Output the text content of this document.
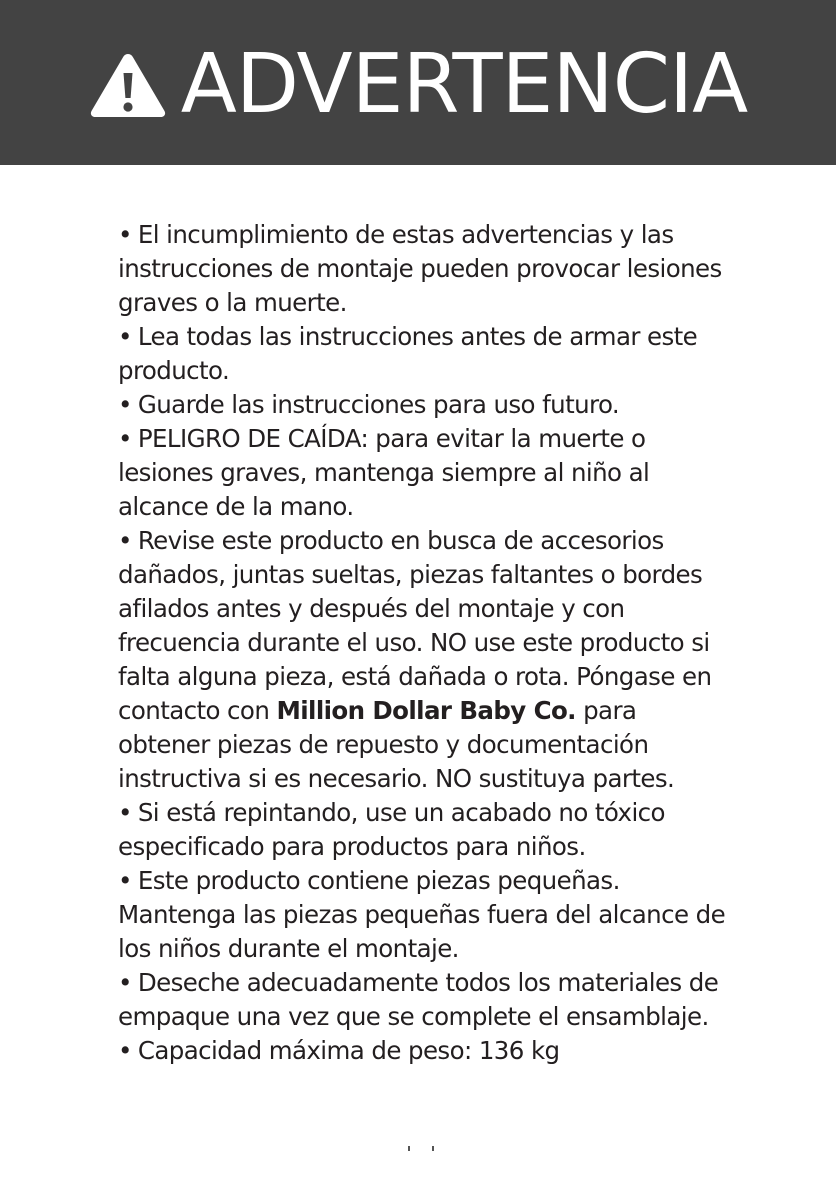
ADVERTENCIA
• El incumplimiento de estas advertencias y las instrucciones de montaje pueden provocar lesiones graves o la muerte.
• Lea todas las instrucciones antes de armar este producto.
• Guarde las instrucciones para uso futuro.
• PELIGRO DE CAÍDA: para evitar la muerte o lesiones graves, mantenga siempre al niño al alcance de la mano.
• Revise este producto en busca de accesorios dañados, juntas sueltas, piezas faltantes o bordes afilados antes y después del montaje y con frecuencia durante el uso. NO use este producto si falta alguna pieza, está dañada o rota. Póngase en contacto con Million Dollar Baby Co. para obtener piezas de repuesto y documentación instructiva si es necesario. NO sustituya partes.
• Si está repintando, use un acabado no tóxico especificado para productos para niños.
• Este producto contiene piezas pequeñas. Mantenga las piezas pequeñas fuera del alcance de los niños durante el montaje.
• Deseche adecuadamente todos los materiales de empaque una vez que se complete el ensamblaje.
• Capacidad máxima de peso: 136 kg
